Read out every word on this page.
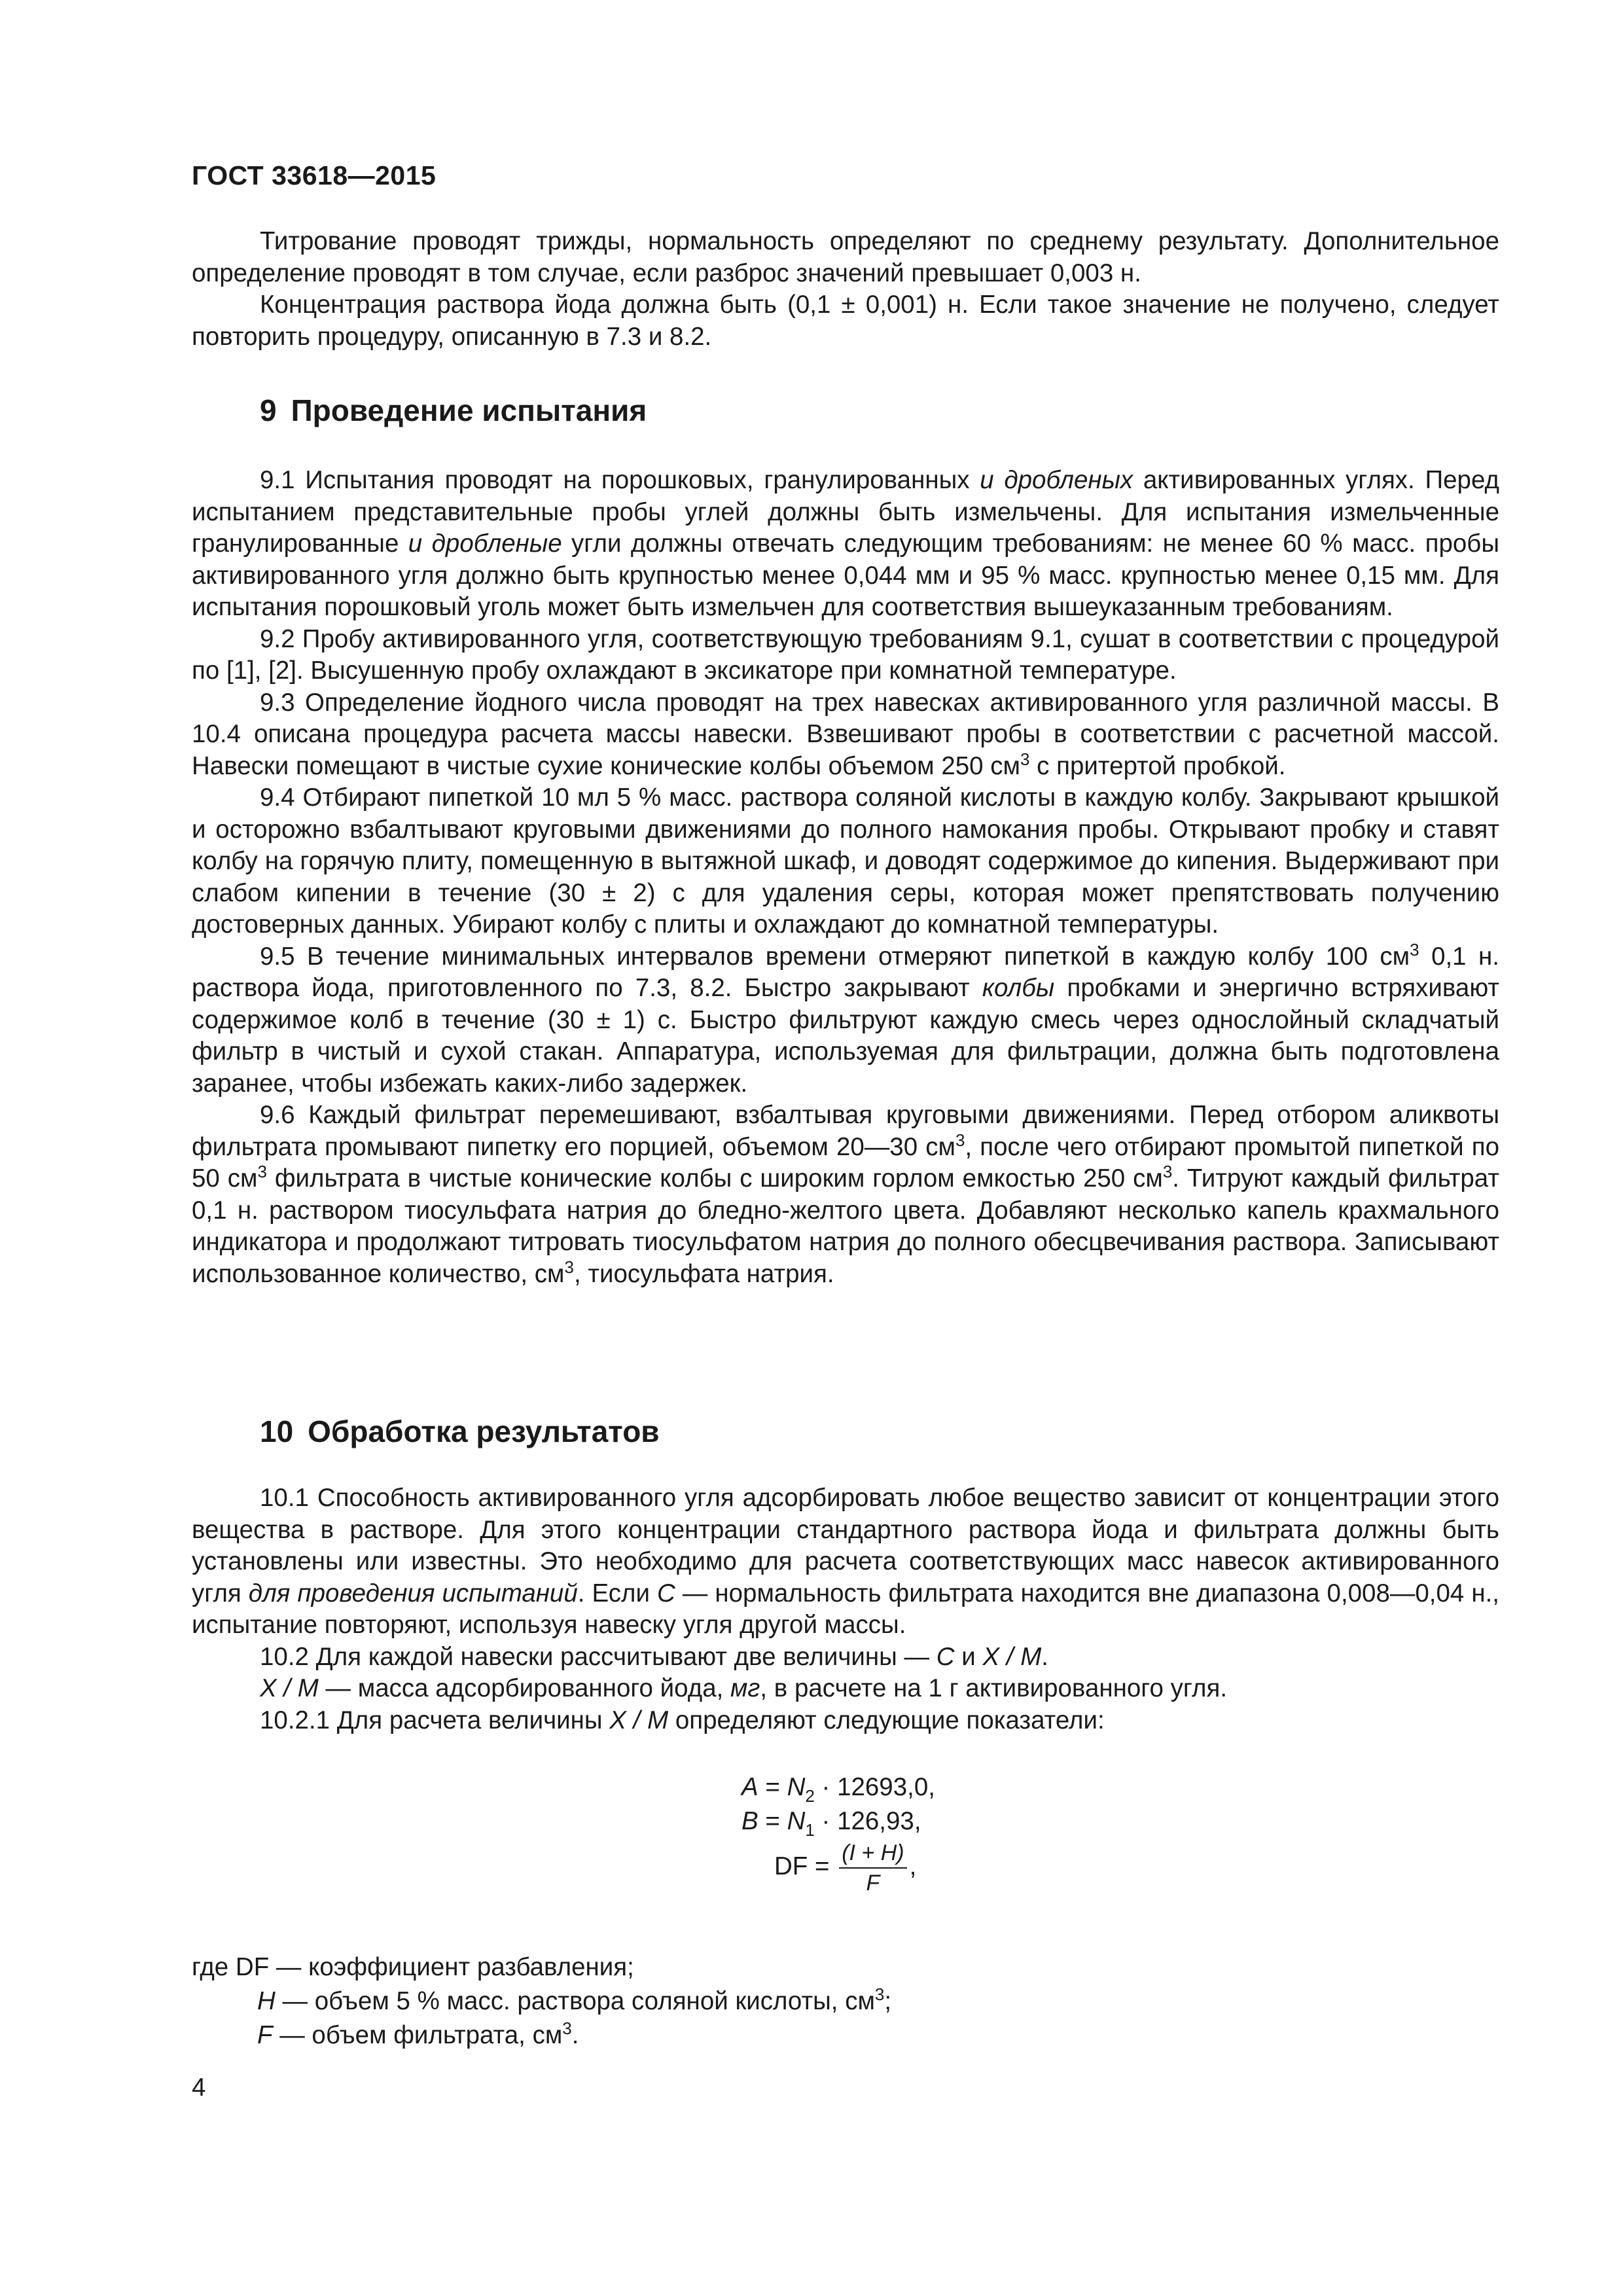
ГОСТ 33618—2015

Титрование проводят трижды, нормальность определяют по среднему результату. Дополнительное определение проводят в том случае, если разброс значений превышает 0,003 н.

Концентрация раствора йода должна быть (0,1 ± 0,001) н. Если такое значение не получено, следует повторить процедуру, описанную в 7.3 и 8.2.

9 Проведение испытания

9.1 Испытания проводят на порошковых, гранулированных и дробленых активированных углях. Перед испытанием представительные пробы углей должны быть измельчены. Для испытания измельченные гранулированные и дробленые угли должны отвечать следующим требованиям: не менее 60 % масс. пробы активированного угля должно быть крупностью менее 0,044 мм и 95 % масс. крупностью менее 0,15 мм. Для испытания порошковый уголь может быть измельчен для соответствия вышеуказанным требованиям.

9.2 Пробу активированного угля, соответствующую требованиям 9.1, сушат в соответствии с процедурой по [1], [2]. Высушенную пробу охлаждают в эксикаторе при комнатной температуре.

9.3 Определение йодного числа проводят на трех навесках активированного угля различной массы. В 10.4 описана процедура расчета массы навески. Взвешивают пробы в соответствии с расчетной массой. Навески помещают в чистые сухие конические колбы объемом 250 $см^3$ с притертой пробкой.

9.4 Отбирают пипеткой 10 мл 5 % масс. раствора соляной кислоты в каждую колбу. Закрывают крышкой и осторожно взбалтывают круговыми движениями до полного намокания пробы. Открывают пробку и ставят колбу на горячую плиту, помещенную в вытяжной шкаф, и доводят содержимое до кипения. Выдерживают при слабом кипении в течение (30 ± 2) с для удаления серы, которая может препятствовать получению достоверных данных. Убирают колбу с плиты и охлаждают до комнатной температуры.

9.5 В течение минимальных интервалов времени отмеряют пипеткой в каждую колбу 100 $см^3$ 0,1 н. раствора йода, приготовленного по 7.3, 8.2. Быстро закрывают колбы пробками и энергично встряхивают содержимое колб в течение (30 ± 1) с. Быстро фильтруют каждую смесь через однослойный складчатый фильтр в чистый и сухой стакан. Аппаратура, используемая для фильтрации, должна быть подготовлена заранее, чтобы избежать каких-либо задержек.

9.6 Каждый фильтрат перемешивают, взбалтывая круговыми движениями. Перед отбором аликвоты фильтрата промывают пипетку его порцией, объемом 20—30 $см^3$, после чего отбирают промытой пипеткой по 50 $см^3$ фильтрата в чистые конические колбы с широким горлом емкостью 250 $см^3$. Титруют каждый фильтрат 0,1 н. раствором тиосульфата натрия до бледно-желтого цвета. Добавляют несколько капель крахмального индикатора и продолжают титровать тиосульфатом натрия до полного обесцвечивания раствора. Записывают использованное количество, $см^3$, тиосульфата натрия.

10 Обработка результатов

10.1 Способность активированного угля адсорбировать любое вещество зависит от концентрации этого вещества в растворе. Для этого концентрации стандартного раствора йода и фильтрата должны быть установлены или известны. Это необходимо для расчета соответствующих масс навесок активированного угля для проведения испытаний. Если С — нормальность фильтрата находится вне диапазона 0,008—0,04 н., испытание повторяют, используя навеску угля другой массы.

10.2 Для каждой навески рассчитывают две величины — С и X / M.

X / M — масса адсорбированного йода, мг, в расчете на 1 г активированного угля.

10.2.1 Для расчета величины X / M определяют следующие показатели:

$A = N_2 \cdot 12693,0$,
$B = N_1 \cdot 126,93$,
DF = $\frac{(I + H)}{F}$ ,
где DF — коэффициент разбавления;
H — объем 5 % масс. раствора соляной кислоты, $см^3$;
F — объем фильтрата, $см^3$.
4
